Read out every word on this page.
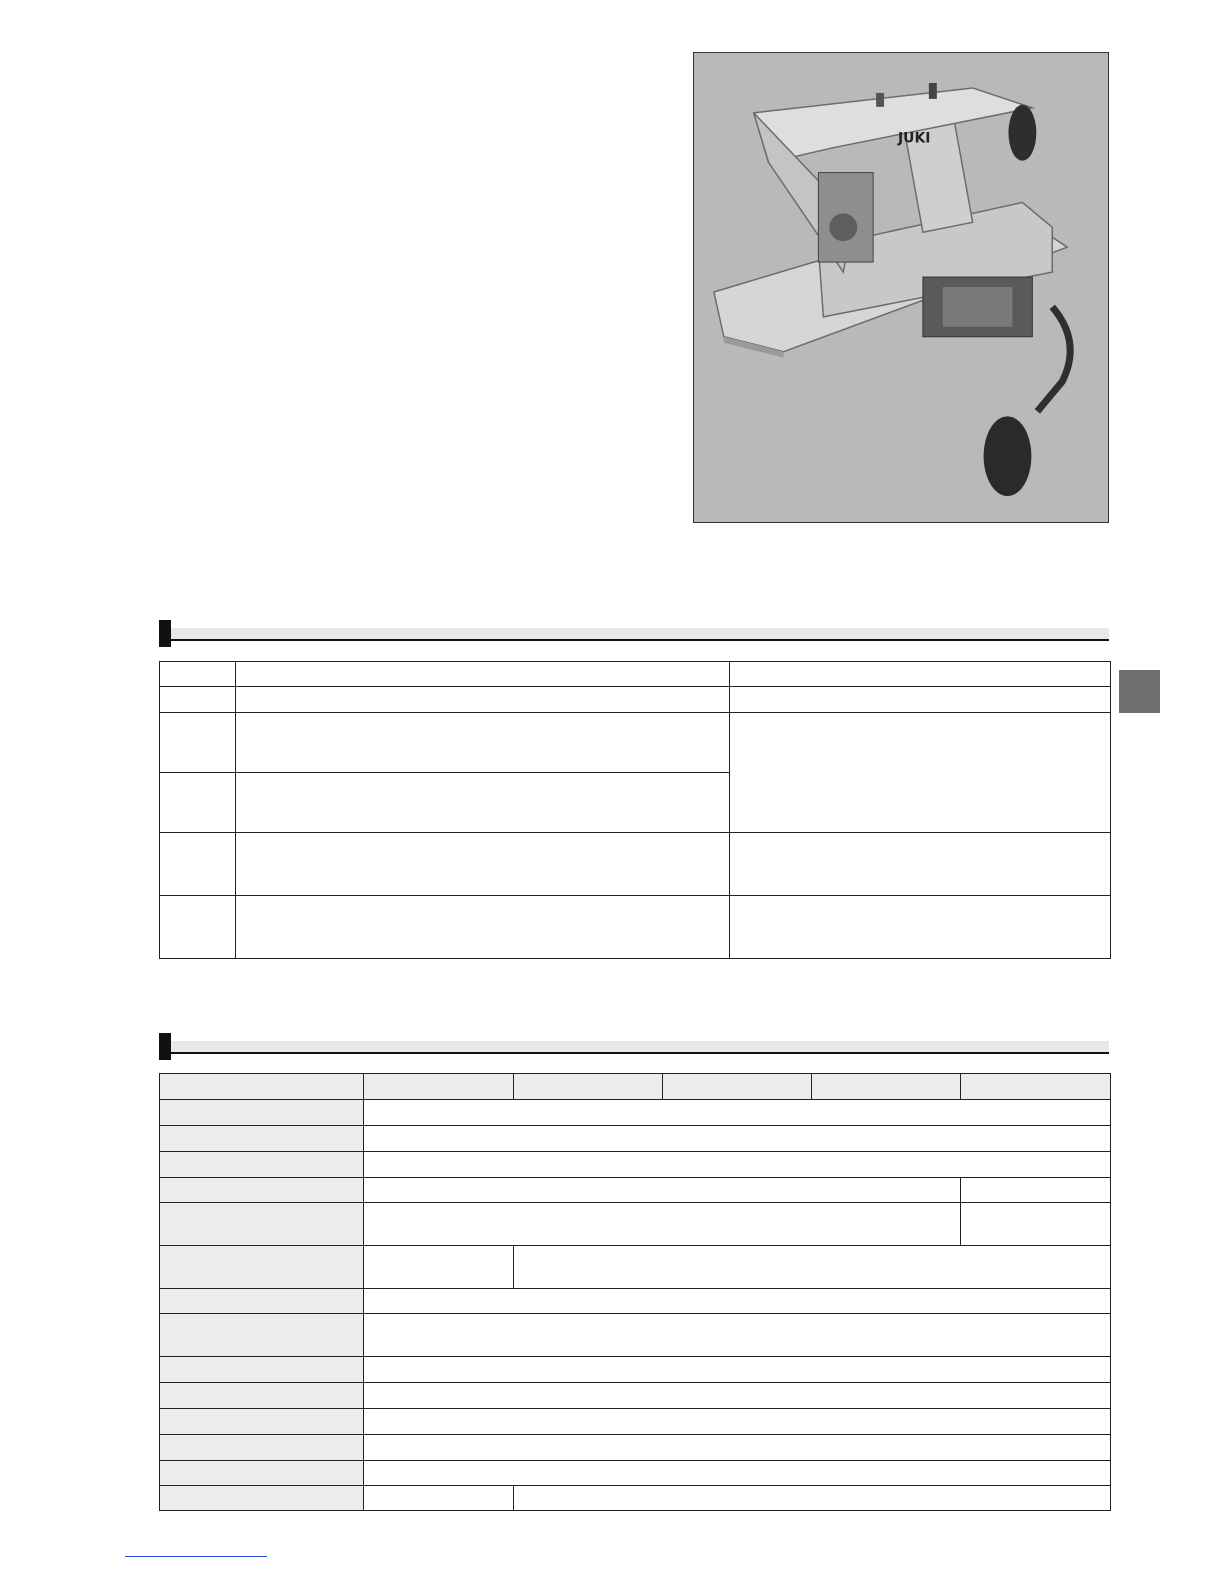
JUKI
